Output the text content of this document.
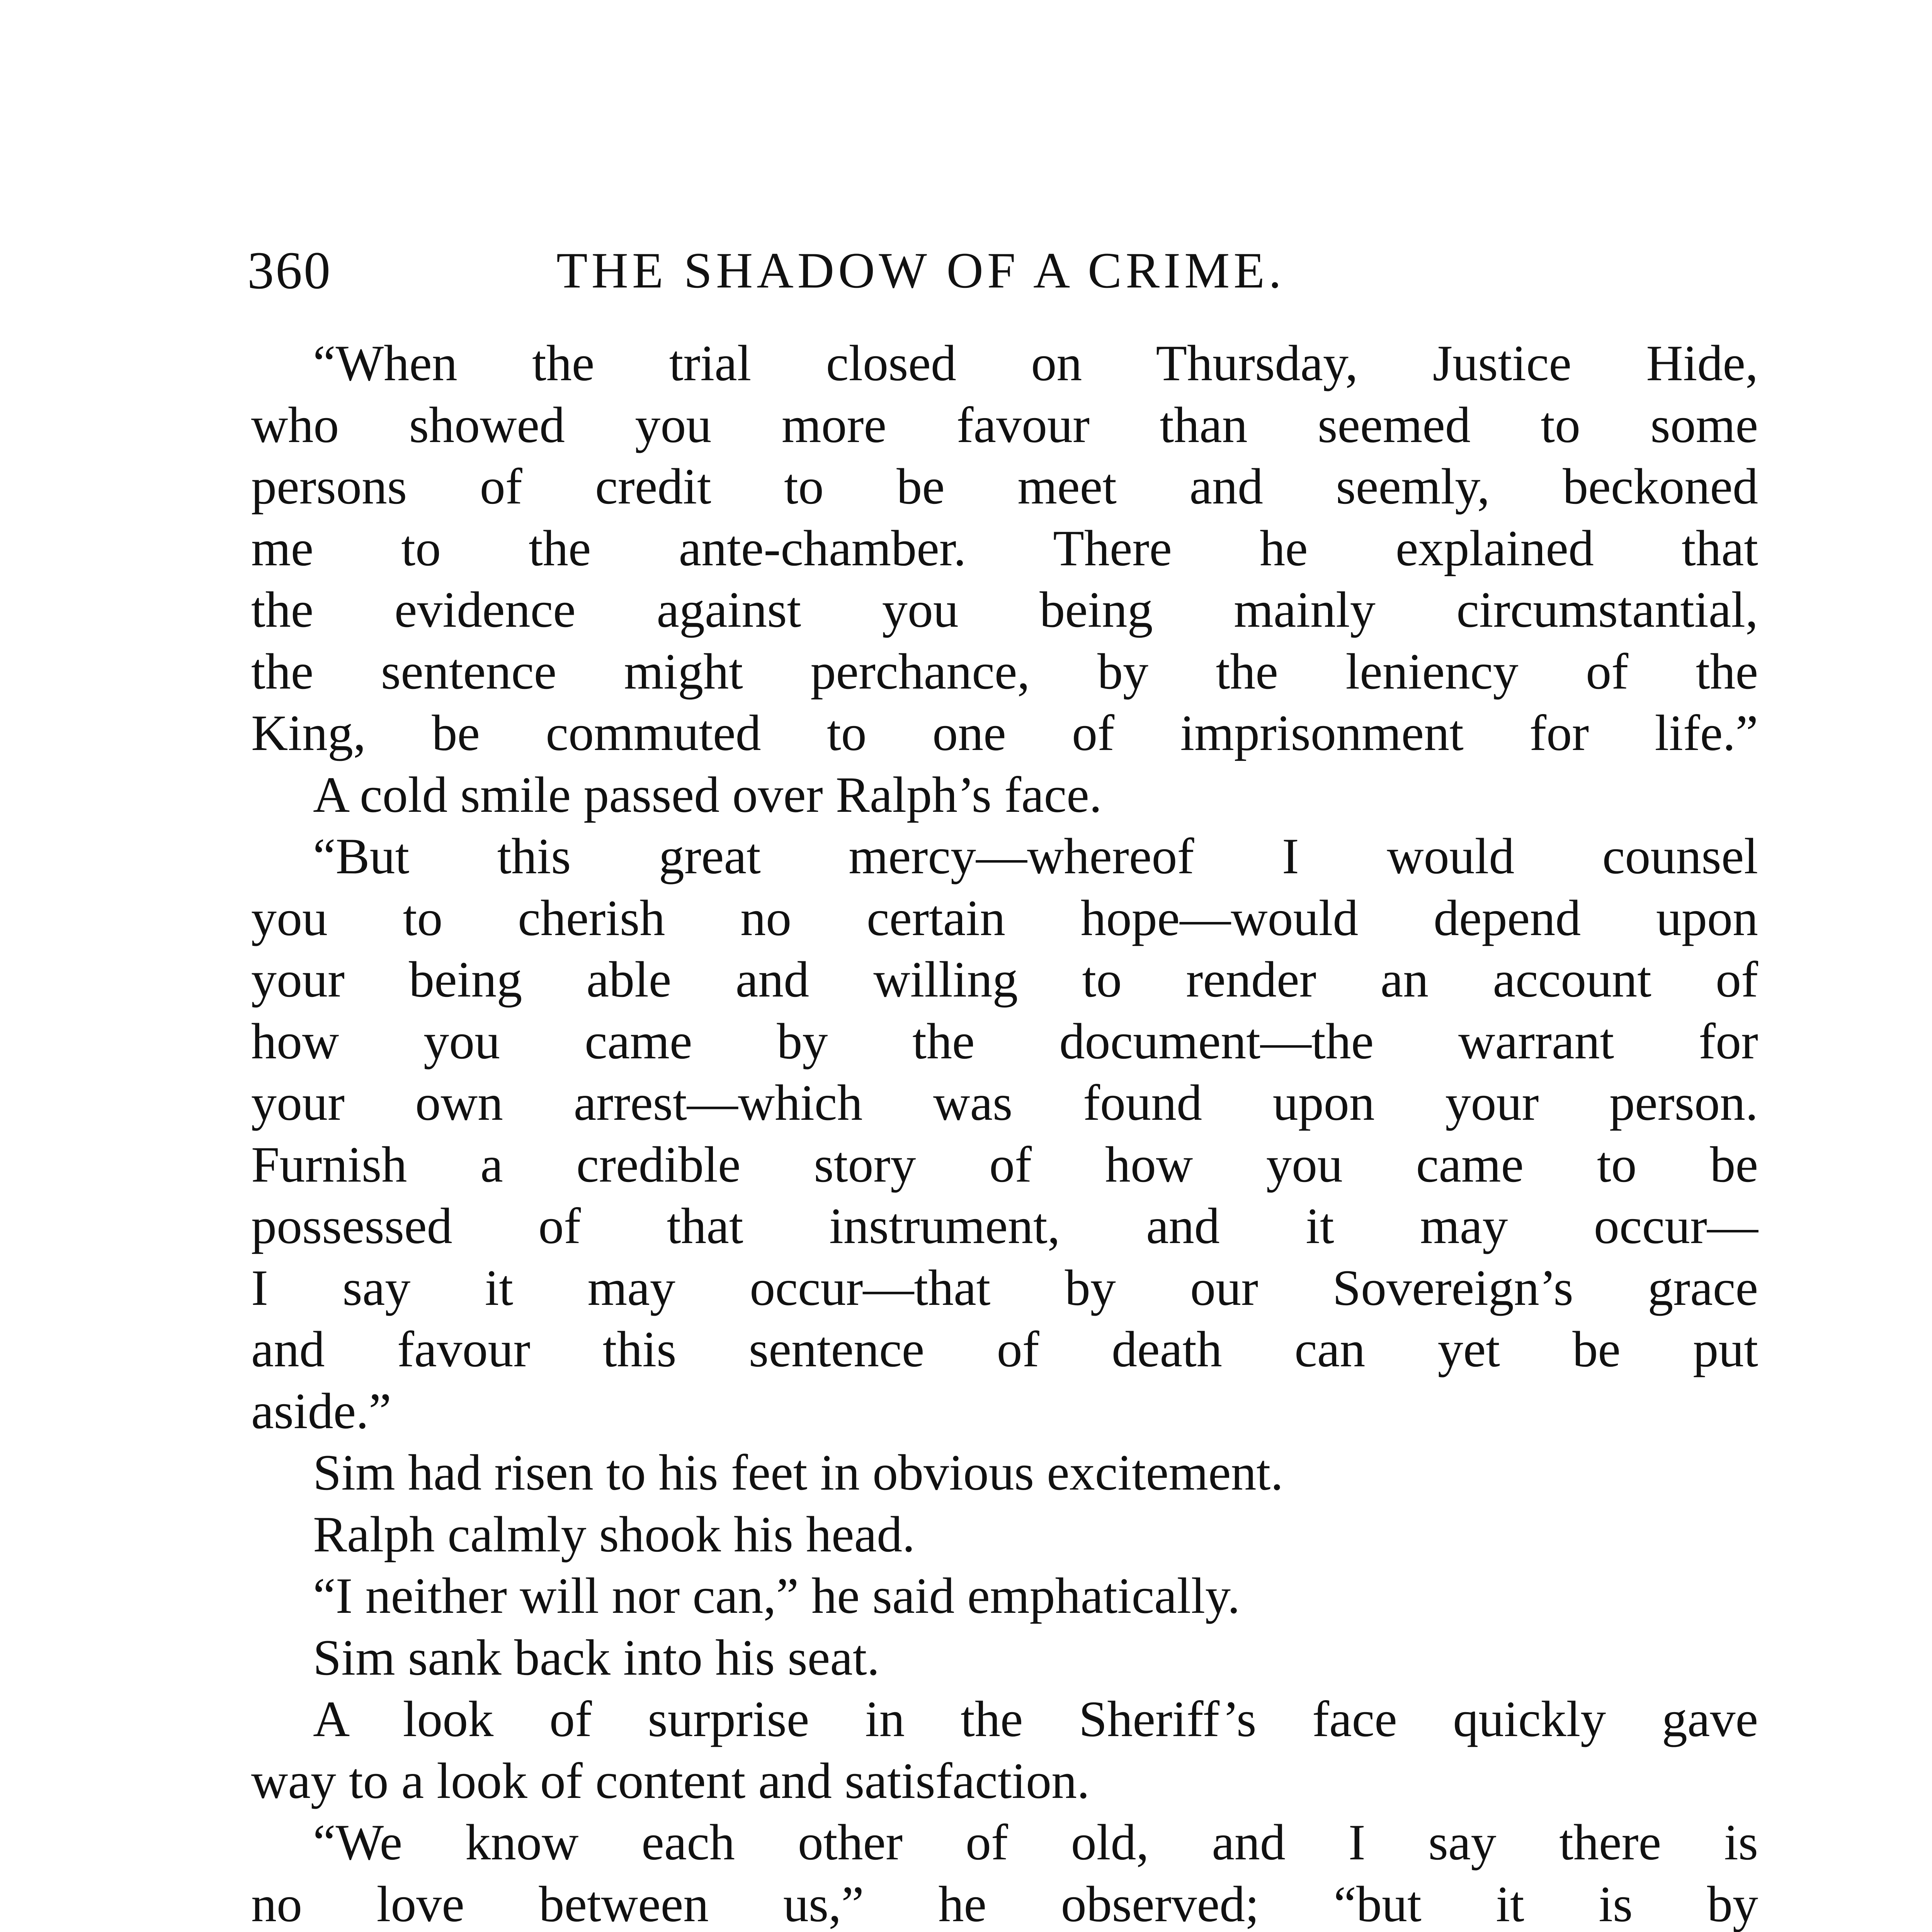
360	THE SHADOW OF A CRIME.
“When the trial closed on Thursday, Justice Hide,
who showed you more favour than seemed to some
persons of credit to be meet and seemly, beckoned
me to the ante-chamber. There he explained that
the evidence against you being mainly circumstantial,
the sentence might perchance, by the leniency of the
King, be commuted to one of imprisonment for life.”
A cold smile passed over Ralph’s face.
“But this great mercy—whereof I would counsel
you to cherish no certain hope—would depend upon
your being able and willing to render an account of
how you came by the document—the warrant for
your own arrest—which was found upon your person.
Furnish a credible story of how you came to be
possessed of that instrument, and it may occur—
I say it may occur—that by our Sovereign’s grace
and favour this sentence of death can yet be put
aside.”
Sim had risen to his feet in obvious excitement.
Ralph calmly shook his head.
“I neither will nor can,” he said emphatically.
Sim sank back into his seat.
A look of surprise in the Sheriff’s face quickly gave
way to a look of content and satisfaction.
“We know each other of old, and I say there is
no love between us,” he observed; “but it is by
